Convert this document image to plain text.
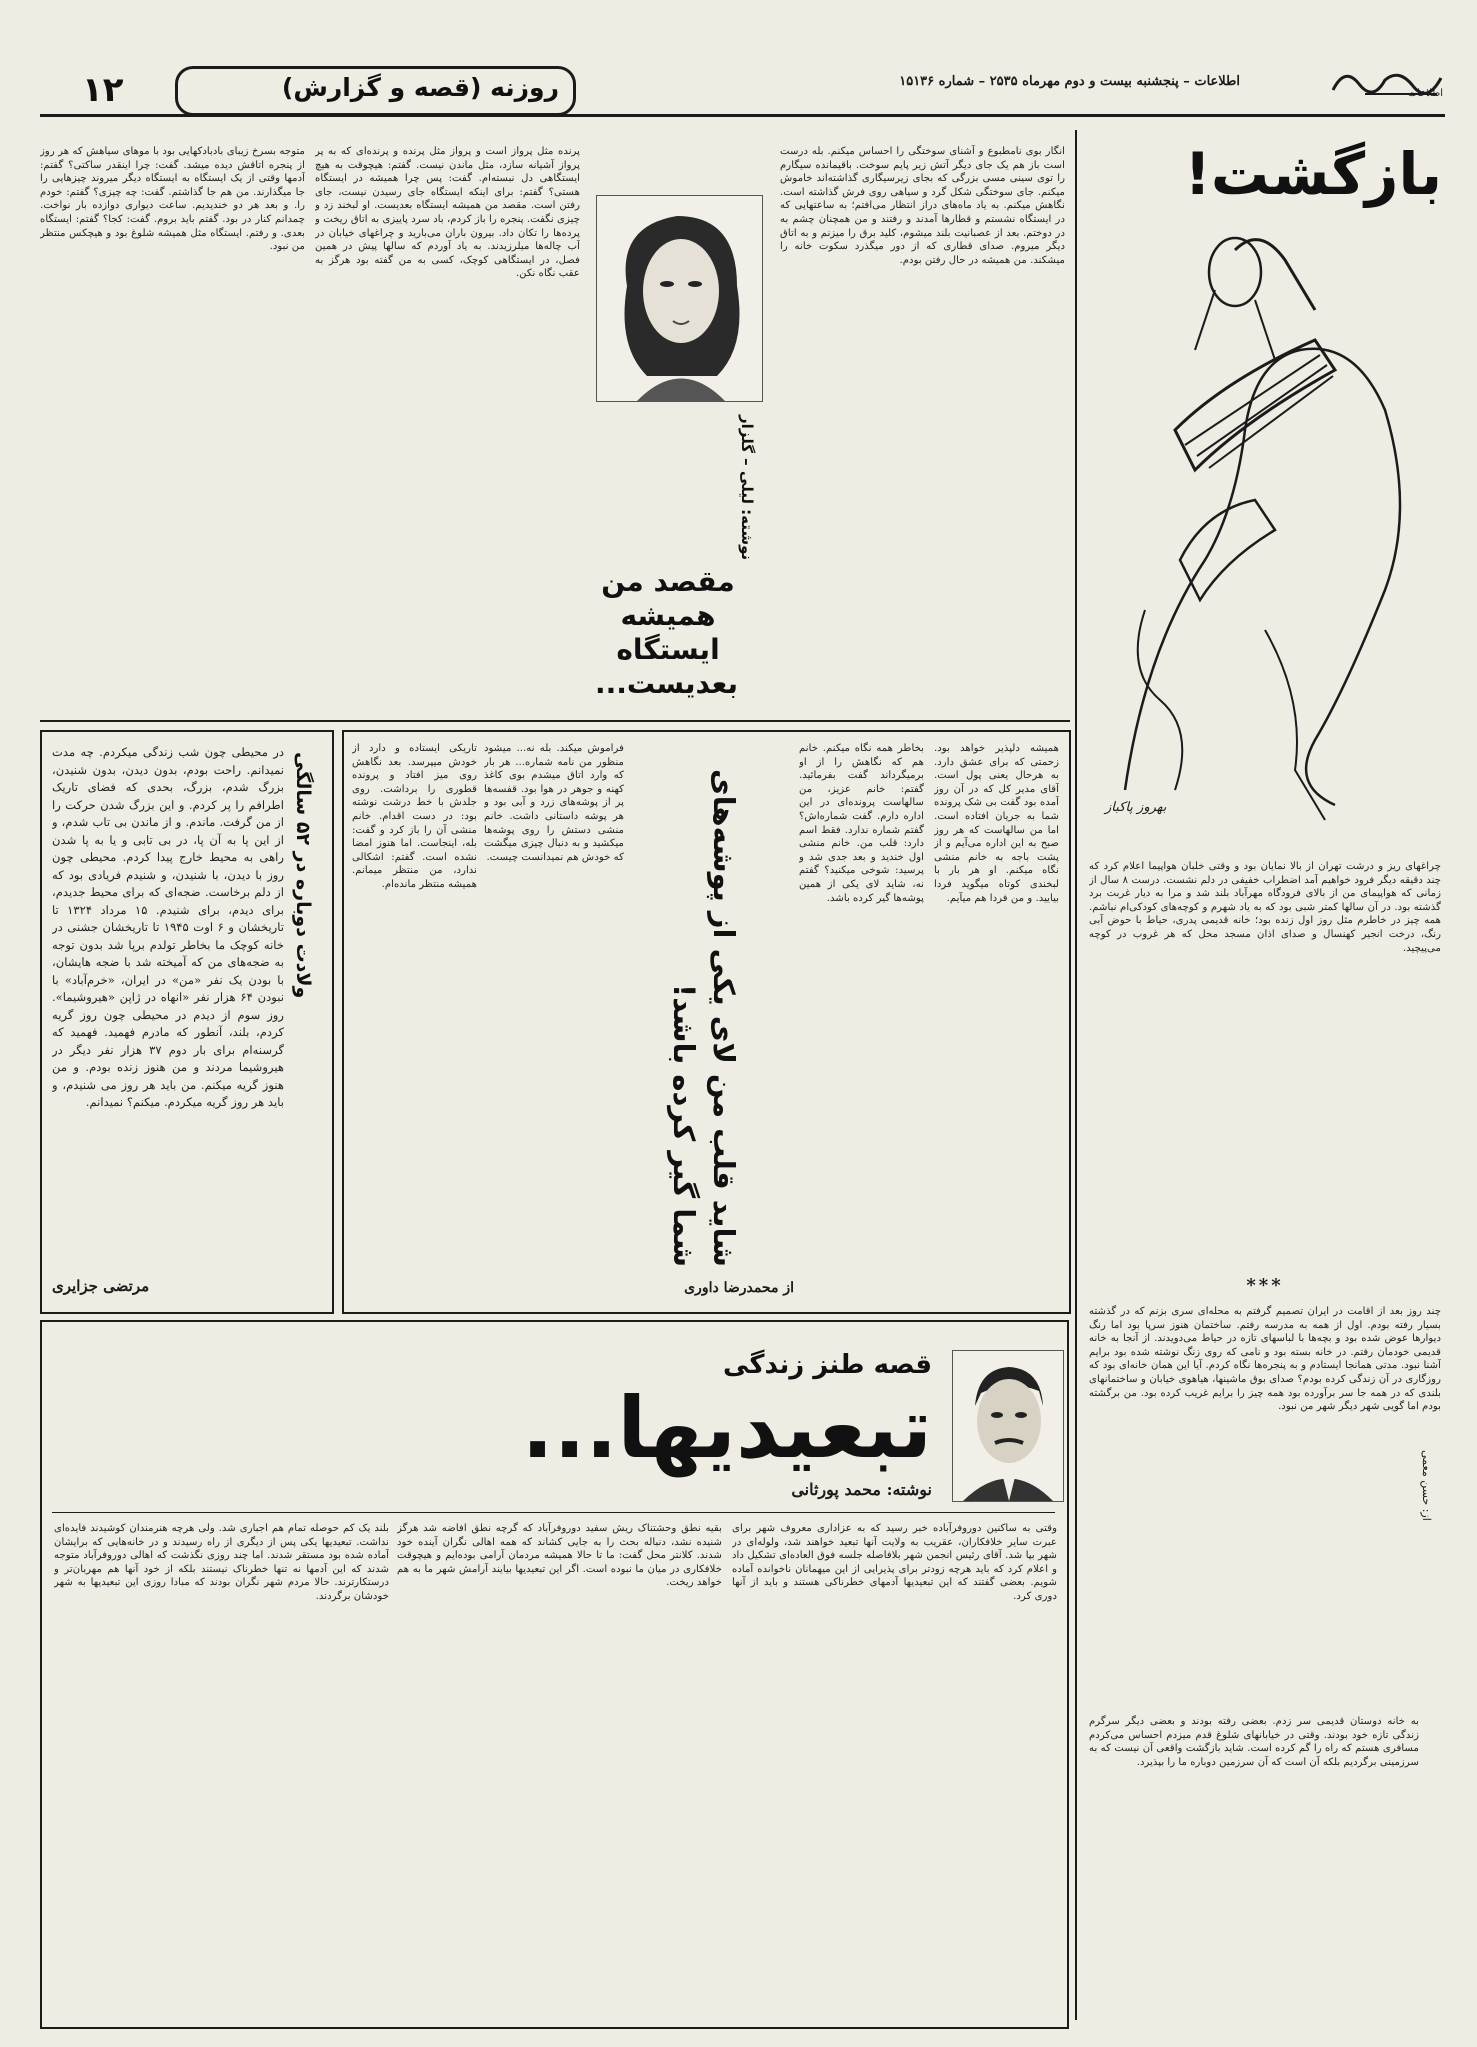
۱۲	روزنه (قصه و گزارش)	اطلاعات – پنجشنبه بیست و دوم مهرماه ۲۵۳۵ – شماره ۱۵۱۳۶
اطلاعات
بازگشت!
بهروز پاکباز
چراغهای ریز و درشت تهران از بالا نمایان بود و وقتی خلبان هواپیما اعلام کرد که چند دقیقه دیگر فرود خواهیم آمد اضطراب خفیفی در دلم نشست. درست ۸ سال از زمانی که هواپیمای من از بالای فرودگاه مهرآباد بلند شد و مرا به دیار غربت برد گذشته بود. در آن سالها کمتر شبی بود که به یاد شهرم و کوچه‌های کودکی‌ام نباشم. همه چیز در خاطرم مثل روز اول زنده بود؛ خانه قدیمی پدری، حیاط با حوض آبی رنگ، درخت انجیر کهنسال و صدای اذان مسجد محل که هر غروب در کوچه می‌پیچید.
***
چند روز بعد از اقامت در ایران تصمیم گرفتم به محله‌ای سری بزنم که در گذشته بسیار رفته بودم. اول از همه به مدرسه رفتم. ساختمان هنوز سرپا بود اما رنگ دیوارها عوض شده بود و بچه‌ها با لباسهای تازه در حیاط می‌دویدند. از آنجا به خانه قدیمی خودمان رفتم. در خانه بسته بود و نامی که روی زنگ نوشته شده بود برایم آشنا نبود. مدتی همانجا ایستادم و به پنجره‌ها نگاه کردم. آیا این همان خانه‌ای بود که روزگاری در آن زندگی کرده بودم؟ صدای بوق ماشینها، هیاهوی خیابان و ساختمانهای بلندی که در همه جا سر برآورده بود همه چیز را برایم غریب کرده بود. من برگشته بودم اما گویی شهر دیگر شهر من نبود.
به خانه دوستان قدیمی سر زدم. بعضی رفته بودند و بعضی دیگر سرگرم زندگی تازه خود بودند. وقتی در خیابانهای شلوغ قدم میزدم احساس می‌کردم مسافری هستم که راه را گم کرده است. شاید بازگشت واقعی آن نیست که به سرزمینی برگردیم بلکه آن است که آن سرزمین دوباره ما را بپذیرد.
از: حسن معمی
انگار بوی نامطبوع و آشنای سوختگی را احساس میکنم. بله درست است باز هم یک جای دیگر آتش زیر پایم سوخت. باقیمانده سیگارم را توی سینی مسی بزرگی که بجای زیرسیگاری گذاشته‌اند خاموش میکنم. جای سوختگی شکل گرد و سیاهی روی فرش گذاشته است. نگاهش میکنم. به یاد ماه‌های دراز انتظار می‌افتم؛ به ساعتهایی که در ایستگاه نشستم و قطارها آمدند و رفتند و من همچنان چشم به در دوختم. بعد از عصبانیت بلند میشوم، کلید برق را میزنم و به اتاق دیگر میروم. صدای قطاری که از دور میگذرد سکوت خانه را میشکند. من همیشه در حال رفتن بودم.
نوشته: لیلی – گلزار
مقصد من همیشه ایستگاه بعدیست...
پرنده مثل پرواز است و پرواز مثل پرنده و پرنده‌ای که به پر پرواز آشیانه سازد، مثل ماندن نیست. گفتم: هیچوقت به هیچ ایستگاهی دل نبسته‌ام. گفت: پس چرا همیشه در ایستگاه هستی؟ گفتم: برای اینکه ایستگاه جای رسیدن نیست، جای رفتن است. مقصد من همیشه ایستگاه بعدیست. او لبخند زد و چیزی نگفت. پنجره را باز کردم، باد سرد پاییزی به اتاق ریخت و پرده‌ها را تکان داد. بیرون باران می‌بارید و چراغهای خیابان در آب چاله‌ها میلرزیدند. به یاد آوردم که سالها پیش در همین فصل، در ایستگاهی کوچک، کسی به من گفته بود هرگز به عقب نگاه نکن.
متوجه بسرخ زیبای بادبادکهایی بود با موهای سیاهش که هر روز از پنجره اتاقش دیده میشد. گفت: چرا اینقدر ساکتی؟ گفتم: آدمها وقتی از یک ایستگاه به ایستگاه دیگر میروند چیزهایی را جا میگذارند. من هم جا گذاشتم. گفت: چه چیزی؟ گفتم: خودم را. و بعد هر دو خندیدیم. ساعت دیواری دوازده بار نواخت. چمدانم کنار در بود. گفتم باید بروم. گفت: کجا؟ گفتم: ایستگاه بعدی. و رفتم. ایستگاه مثل همیشه شلوغ بود و هیچکس منتظر من نبود.
ولادت دوباره در ۵۲ سالگی
در محیطی چون شب زندگی میکردم. چه مدت نمیدانم. راحت بودم، بدون دیدن، بدون شنیدن، بزرگ شدم، بزرگ، بحدی که فضای تاریک اطرافم را پر کردم. و این بزرگ شدن حرکت را از من گرفت. ماندم. و از ماندن بی تاب شدم، و از این پا به آن پا، در بی تابی و یا به پا شدن راهی به محیط خارج پیدا کردم. محیطی چون روز با دیدن، با شنیدن، و شنیدم فریادی بود که از دلم برخاست. ضجه‌ای که برای محیط جدیدم، برای دیدم، برای شنیدم. ۱۵ مرداد ۱۳۲۴ تا تاریخشان و ۶ اوت ۱۹۴۵ تا تاریخشان جشنی در خانه کوچک ما بخاطر تولدم برپا شد بدون توجه به ضجه‌های من که آمیخته شد با ضجه هایشان، با بودن یک نفر «من» در ایران، «خرم‌آباد» با نبودن ۶۴ هزار نفر «انهاه در ژاپن «هیروشیما». روز سوم از دیدم در محیطی چون روز گریه کردم، بلند، آنطور که مادرم فهمید. فهمید که گرسنه‌ام برای بار دوم ۳۷ هزار نفر دیگر در هیروشیما مردند و من هنوز زنده بودم. و من هنوز گریه میکنم. من باید هر روز می شنیدم، و باید هر روز گریه میکردم. میکنم؟ نمیدانم.
مرتضی جزایری
همیشه دلپذیر خواهد بود. زحمتی که برای عشق دارد. به هرحال یعنی پول است. آقای مدیر کل که در آن روز آمده بود گفت بی شک پرونده شما به جریان افتاده است. اما من سالهاست که هر روز صبح به این اداره می‌آیم و از پشت باجه به خانم منشی نگاه میکنم. او هر بار با لبخندی کوتاه میگوید فردا بیایید. و من فردا هم میآیم.
بخاطر همه نگاه میکنم. خانم هم که نگاهش را از او برمیگرداند گفت بفرمائید. گفتم: خانم عزیز، من سالهاست پرونده‌ای در این اداره دارم. گفت شماره‌اش؟ گفتم شماره ندارد. فقط اسم دارد: قلب من. خانم منشی اول خندید و بعد جدی شد و پرسید: شوخی میکنید؟ گفتم نه، شاید لای یکی از همین پوشه‌ها گیر کرده باشد.
شاید قلب من لای یکی از پوشه‌های شما گیر کرده باشد!
از محمدرضا داوری
فراموش میکند. بله نه... میشود منظور من نامه شماره... هر بار که وارد اتاق میشدم بوی کاغذ کهنه و جوهر در هوا بود. قفسه‌ها پر از پوشه‌های زرد و آبی بود و هر پوشه داستانی داشت. خانم منشی دستش را روی پوشه‌ها میکشید و به دنبال چیزی میگشت که خودش هم نمیدانست چیست.
تاریکی ایستاده و دارد از خودش میپرسد. بعد نگاهش روی میز افتاد و پرونده قطوری را برداشت. روی جلدش با خط درشت نوشته بود: در دست اقدام. خانم منشی آن را باز کرد و گفت: بله، اینجاست. اما هنوز امضا نشده است. گفتم: اشکالی ندارد، من منتظر میمانم. همیشه منتظر مانده‌ام.
قصه طنز زندگی
تبعیدیها...
نوشته: محمد پورثانی
وقتی به ساکنین دوروفرآباده خبر رسید که به عزاداری معروف شهر برای عبرت سایر خلافکاران، عقریب به ولایت آنها تبعید خواهند شد، ولوله‌ای در شهر بپا شد. آقای رئیس انجمن شهر بلافاصله جلسه فوق العاده‌ای تشکیل داد و اعلام کرد که باید هرچه زودتر برای پذیرایی از این میهمانان ناخوانده آماده شویم. بعضی گفتند که این تبعیدیها آدمهای خطرناکی هستند و باید از آنها دوری کرد.
بقیه نطق وحشتناک ریش سفید دوروفرآباد که گرچه نطق افاضه شد هرگز شنیده نشد، دنباله بحث را به جایی کشاند که همه اهالی نگران آینده خود شدند. کلانتر محل گفت: ما تا حالا همیشه مردمان آرامی بوده‌ایم و هیچوقت خلافکاری در میان ما نبوده است. اگر این تبعیدیها بیایند آرامش شهر ما به هم خواهد ریخت.
بلند یک کم حوصله تمام هم اجباری شد. ولی هرچه هنرمندان کوشیدند فایده‌ای نداشت. تبعیدیها یکی پس از دیگری از راه رسیدند و در خانه‌هایی که برایشان آماده شده بود مستقر شدند. اما چند روزی نگذشت که اهالی دوروفرآباد متوجه شدند که این آدمها نه تنها خطرناک نیستند بلکه از خود آنها هم مهربان‌تر و درستکارترند. حالا مردم شهر نگران بودند که مبادا روزی این تبعیدیها به شهر خودشان برگردند.
